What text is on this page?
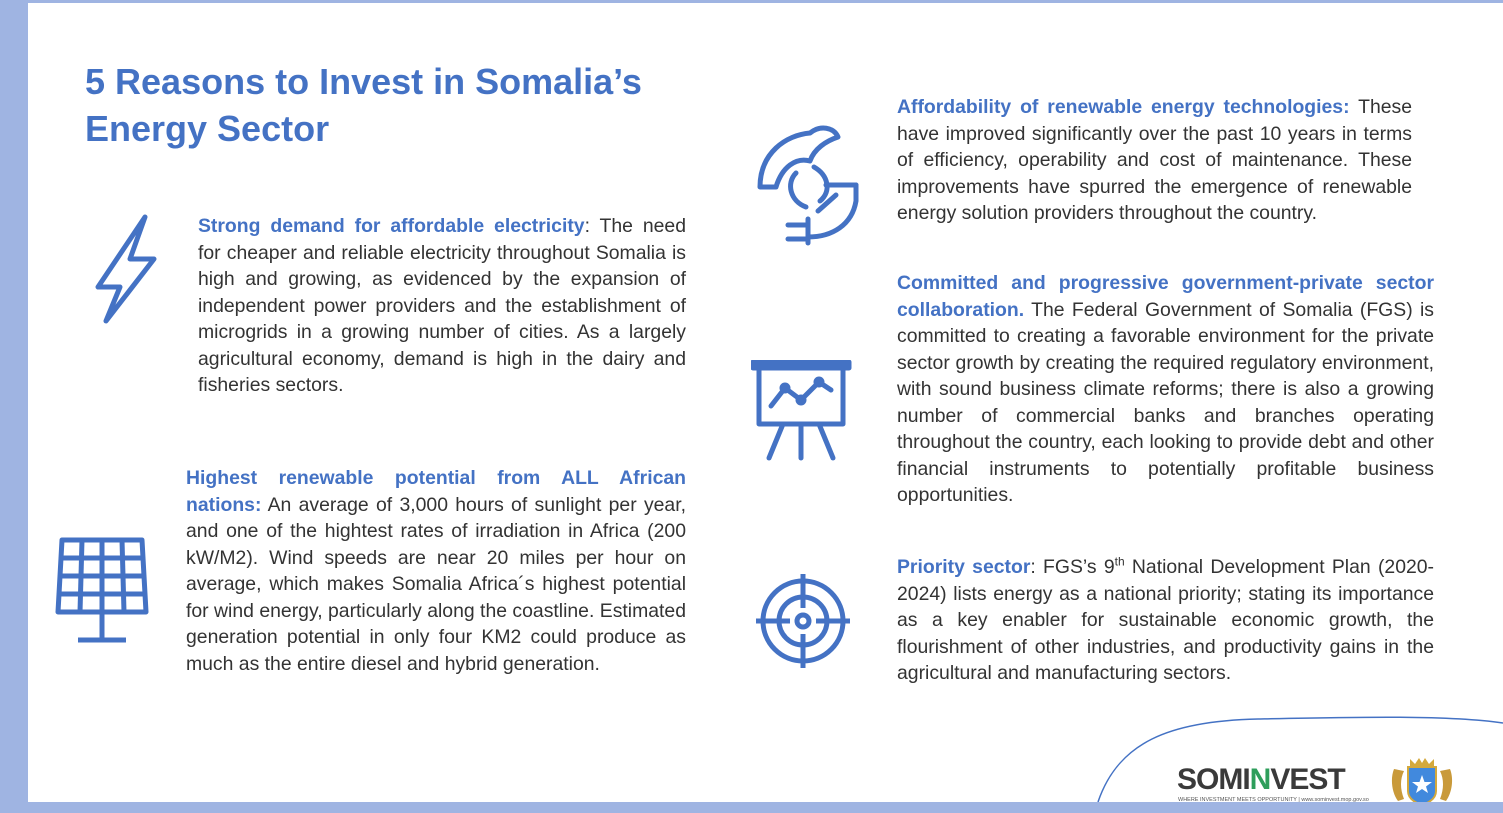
5 Reasons to Invest in Somalia’s Energy Sector

Strong demand for affordable electricity: The need for cheaper and reliable electricity throughout Somalia is high and growing, as evidenced by the expansion of independent power providers and the establishment of microgrids in a growing number of cities. As a largely agricultural economy, demand is high in the dairy and fisheries sectors.

Highest renewable potential from ALL African nations: An average of 3,000 hours of sunlight per year, and one of the hightest rates of irradiation in Africa (200 kW/M2). Wind speeds are near 20 miles per hour on average, which makes Somalia Africa´s highest potential for wind energy, particularly along the coastline. Estimated generation potential in only four KM2 could produce as much as the entire diesel and hybrid generation.

Affordability of renewable energy technologies: These have improved significantly over the past 10 years in terms of efficiency, operability and cost of maintenance. These improvements have spurred the emergence of renewable energy solution providers throughout the country.

Committed and progressive government-private sector collaboration. The Federal Government of Somalia (FGS) is committed to creating a favorable environment for the private sector growth by creating the required regulatory environment, with sound business climate reforms; there is also a growing number of commercial banks and branches operating throughout the country, each looking to provide debt and other financial instruments to potentially profitable business opportunities.

Priority sector: FGS’s 9th National Development Plan (2020-2024) lists energy as a national priority; stating its importance as a key enabler for sustainable economic growth, the flourishment of other industries, and productivity gains in the agricultural and manufacturing sectors.

SOMINVEST
WHERE INVESTMENT MEETS OPPORTUNITY | www.sominvest.mop.gov.so
